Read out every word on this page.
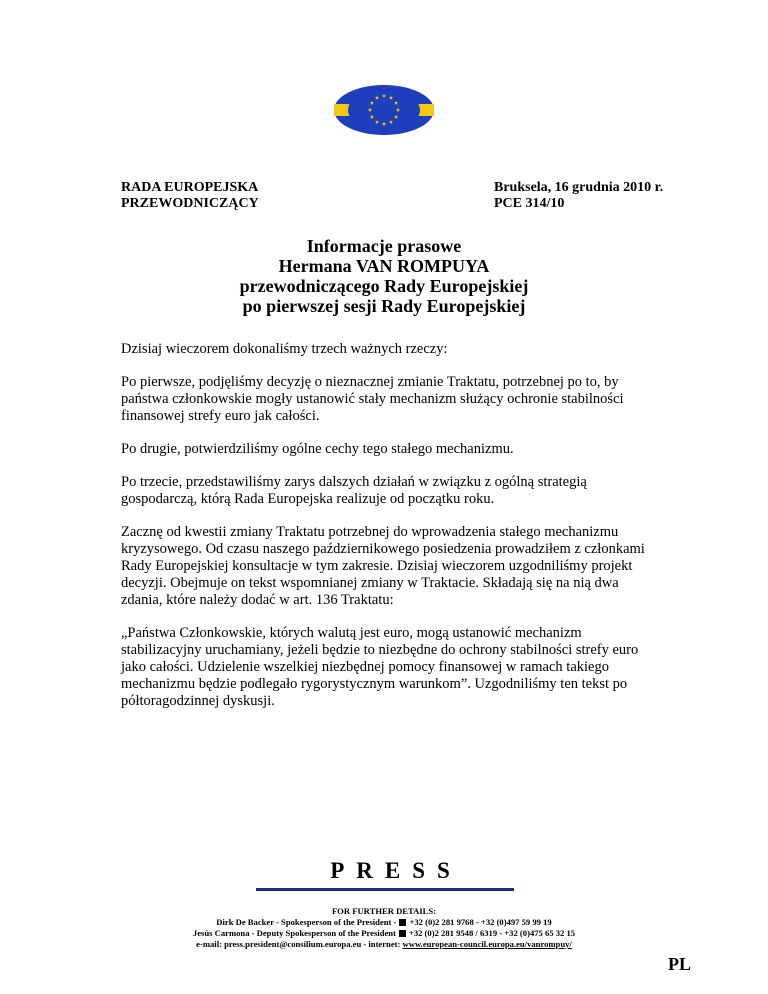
RADA EUROPEJSKA
PRZEWODNICZĄCY
Bruksela, 16 grudnia 2010 r.
PCE 314/10
Informacje prasowe
Hermana VAN ROMPUYA
przewodniczącego Rady Europejskiej
po pierwszej sesji Rady Europejskiej

Dzisiaj wieczorem dokonaliśmy trzech ważnych rzeczy:

Po pierwsze, podjęliśmy decyzję o nieznacznej zmianie Traktatu, potrzebnej po to, by państwa członkowskie mogły ustanowić stały mechanizm służący ochronie stabilności finansowej strefy euro jak całości.

Po drugie, potwierdziliśmy ogólne cechy tego stałego mechanizmu.

Po trzecie, przedstawiliśmy zarys dalszych działań w związku z ogólną strategią gospodarczą, którą Rada Europejska realizuje od początku roku.

Zacznę od kwestii zmiany Traktatu potrzebnej do wprowadzenia stałego mechanizmu kryzysowego. Od czasu naszego październikowego posiedzenia prowadziłem z członkami Rady Europejskiej konsultacje w tym zakresie. Dzisiaj wieczorem uzgodniliśmy projekt decyzji. Obejmuje on tekst wspomnianej zmiany w Traktacie. Składają się na nią dwa zdania, które należy dodać w art. 136 Traktatu:

„Państwa Członkowskie, których walutą jest euro, mogą ustanowić mechanizm stabilizacyjny uruchamiany, jeżeli będzie to niezbędne do ochrony stabilności strefy euro jako całości. Udzielenie wszelkiej niezbędnej pomocy finansowej w ramach takiego mechanizmu będzie podlegało rygorystycznym warunkom”. Uzgodniliśmy ten tekst po półtoragodzinnej dyskusji.

PRESS
FOR FURTHER DETAILS:
Dirk De Backer - Spokesperson of the President - +32 (0)2 281 9768 - +32 (0)497 59 99 19
Jesús Carmona - Deputy Spokesperson of the President +32 (0)2 281 9548 / 6319 - +32 (0)475 65 32 15
e-mail: press.president@consilium.europa.eu - internet: www.european-council.europa.eu/vanrompuy/
PL
